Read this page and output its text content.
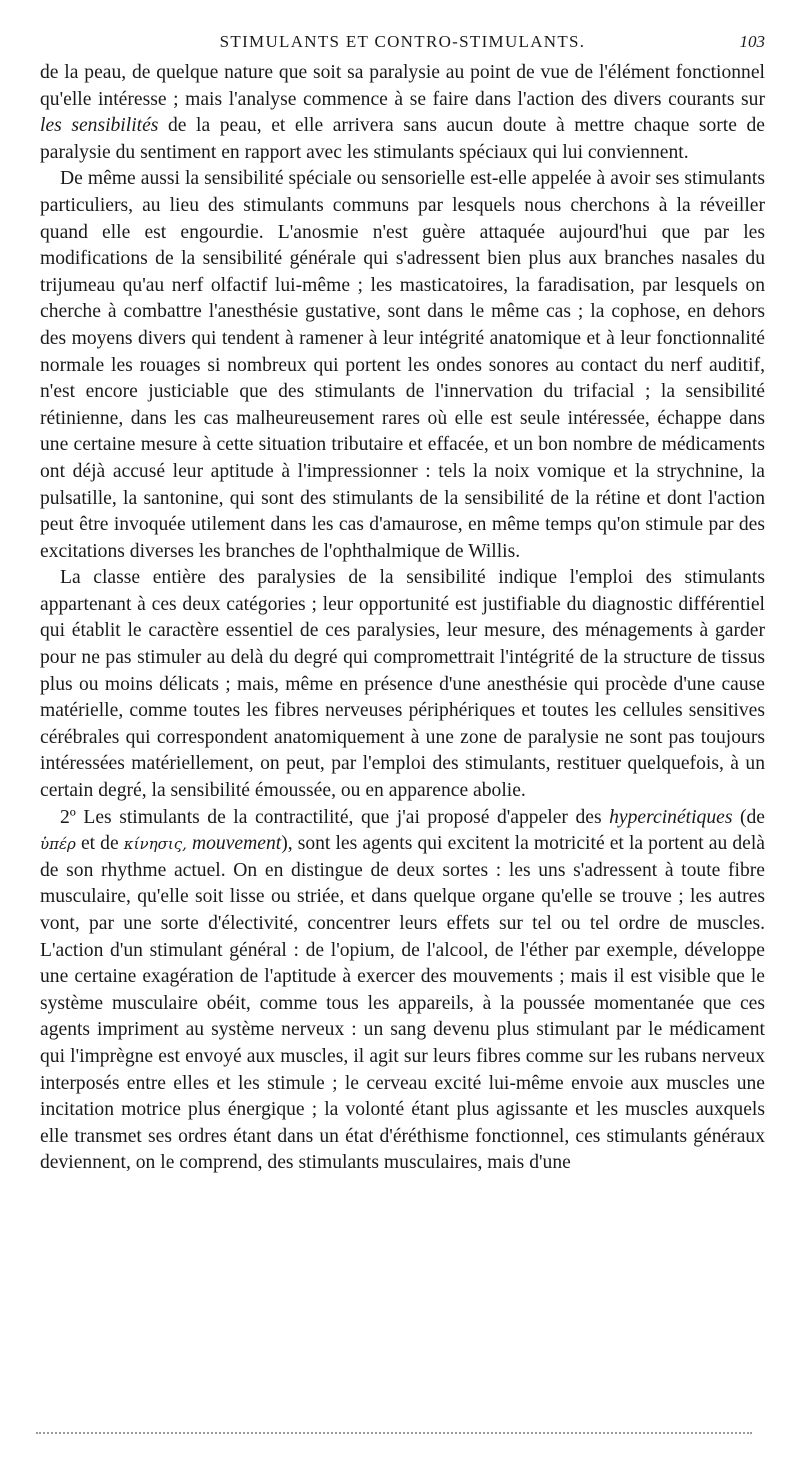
STIMULANTS ET CONTRO-STIMULANTS.	103

de la peau, de quelque nature que soit sa paralysie au point de vue de l'élément fonctionnel qu'elle intéresse ; mais l'analyse commence à se faire dans l'action des divers courants sur les sensibilités de la peau, et elle arrivera sans aucun doute à mettre chaque sorte de paralysie du sentiment en rapport avec les stimulants spéciaux qui lui conviennent.

De même aussi la sensibilité spéciale ou sensorielle est-elle appelée à avoir ses stimulants particuliers, au lieu des stimulants communs par lesquels nous cherchons à la réveiller quand elle est engourdie. L'anosmie n'est guère attaquée aujourd'hui que par les modifications de la sensibilité générale qui s'adressent bien plus aux branches nasales du trijumeau qu'au nerf olfactif lui-même ; les masticatoires, la faradisation, par lesquels on cherche à combattre l'anesthésie gustative, sont dans le même cas ; la cophose, en dehors des moyens divers qui tendent à ramener à leur intégrité anatomique et à leur fonctionnalité normale les rouages si nombreux qui portent les ondes sonores au contact du nerf auditif, n'est encore justiciable que des stimulants de l'innervation du trifacial ; la sensibilité rétinienne, dans les cas malheureusement rares où elle est seule intéressée, échappe dans une certaine mesure à cette situation tributaire et effacée, et un bon nombre de médicaments ont déjà accusé leur aptitude à l'impressionner : tels la noix vomique et la strychnine, la pulsatille, la santonine, qui sont des stimulants de la sensibilité de la rétine et dont l'action peut être invoquée utilement dans les cas d'amaurose, en même temps qu'on stimule par des excitations diverses les branches de l'ophthalmique de Willis.

La classe entière des paralysies de la sensibilité indique l'emploi des stimulants appartenant à ces deux catégories ; leur opportunité est justifiable du diagnostic différentiel qui établit le caractère essentiel de ces paralysies, leur mesure, des ménagements à garder pour ne pas stimuler au delà du degré qui compromettrait l'intégrité de la structure de tissus plus ou moins délicats ; mais, même en présence d'une anesthésie qui procède d'une cause matérielle, comme toutes les fibres nerveuses périphériques et toutes les cellules sensitives cérébrales qui correspondent anatomiquement à une zone de paralysie ne sont pas toujours intéressées matériellement, on peut, par l'emploi des stimulants, restituer quelquefois, à un certain degré, la sensibilité émoussée, ou en apparence abolie.

2º Les stimulants de la contractilité, que j'ai proposé d'appeler des hypercinétiques (de ὑπέρ et de κίνησις, mouvement), sont les agents qui excitent la motricité et la portent au delà de son rhythme actuel. On en distingue de deux sortes : les uns s'adressent à toute fibre musculaire, qu'elle soit lisse ou striée, et dans quelque organe qu'elle se trouve ; les autres vont, par une sorte d'électivité, concentrer leurs effets sur tel ou tel ordre de muscles. L'action d'un stimulant général : de l'opium, de l'alcool, de l'éther par exemple, développe une certaine exagération de l'aptitude à exercer des mouvements ; mais il est visible que le système musculaire obéit, comme tous les appareils, à la poussée momentanée que ces agents impriment au système nerveux : un sang devenu plus stimulant par le médicament qui l'imprègne est envoyé aux muscles, il agit sur leurs fibres comme sur les rubans nerveux interposés entre elles et les stimule ; le cerveau excité lui-même envoie aux muscles une incitation motrice plus énergique ; la volonté étant plus agissante et les muscles auxquels elle transmet ses ordres étant dans un état d'éréthisme fonctionnel, ces stimulants généraux deviennent, on le comprend, des stimulants musculaires, mais d'une
